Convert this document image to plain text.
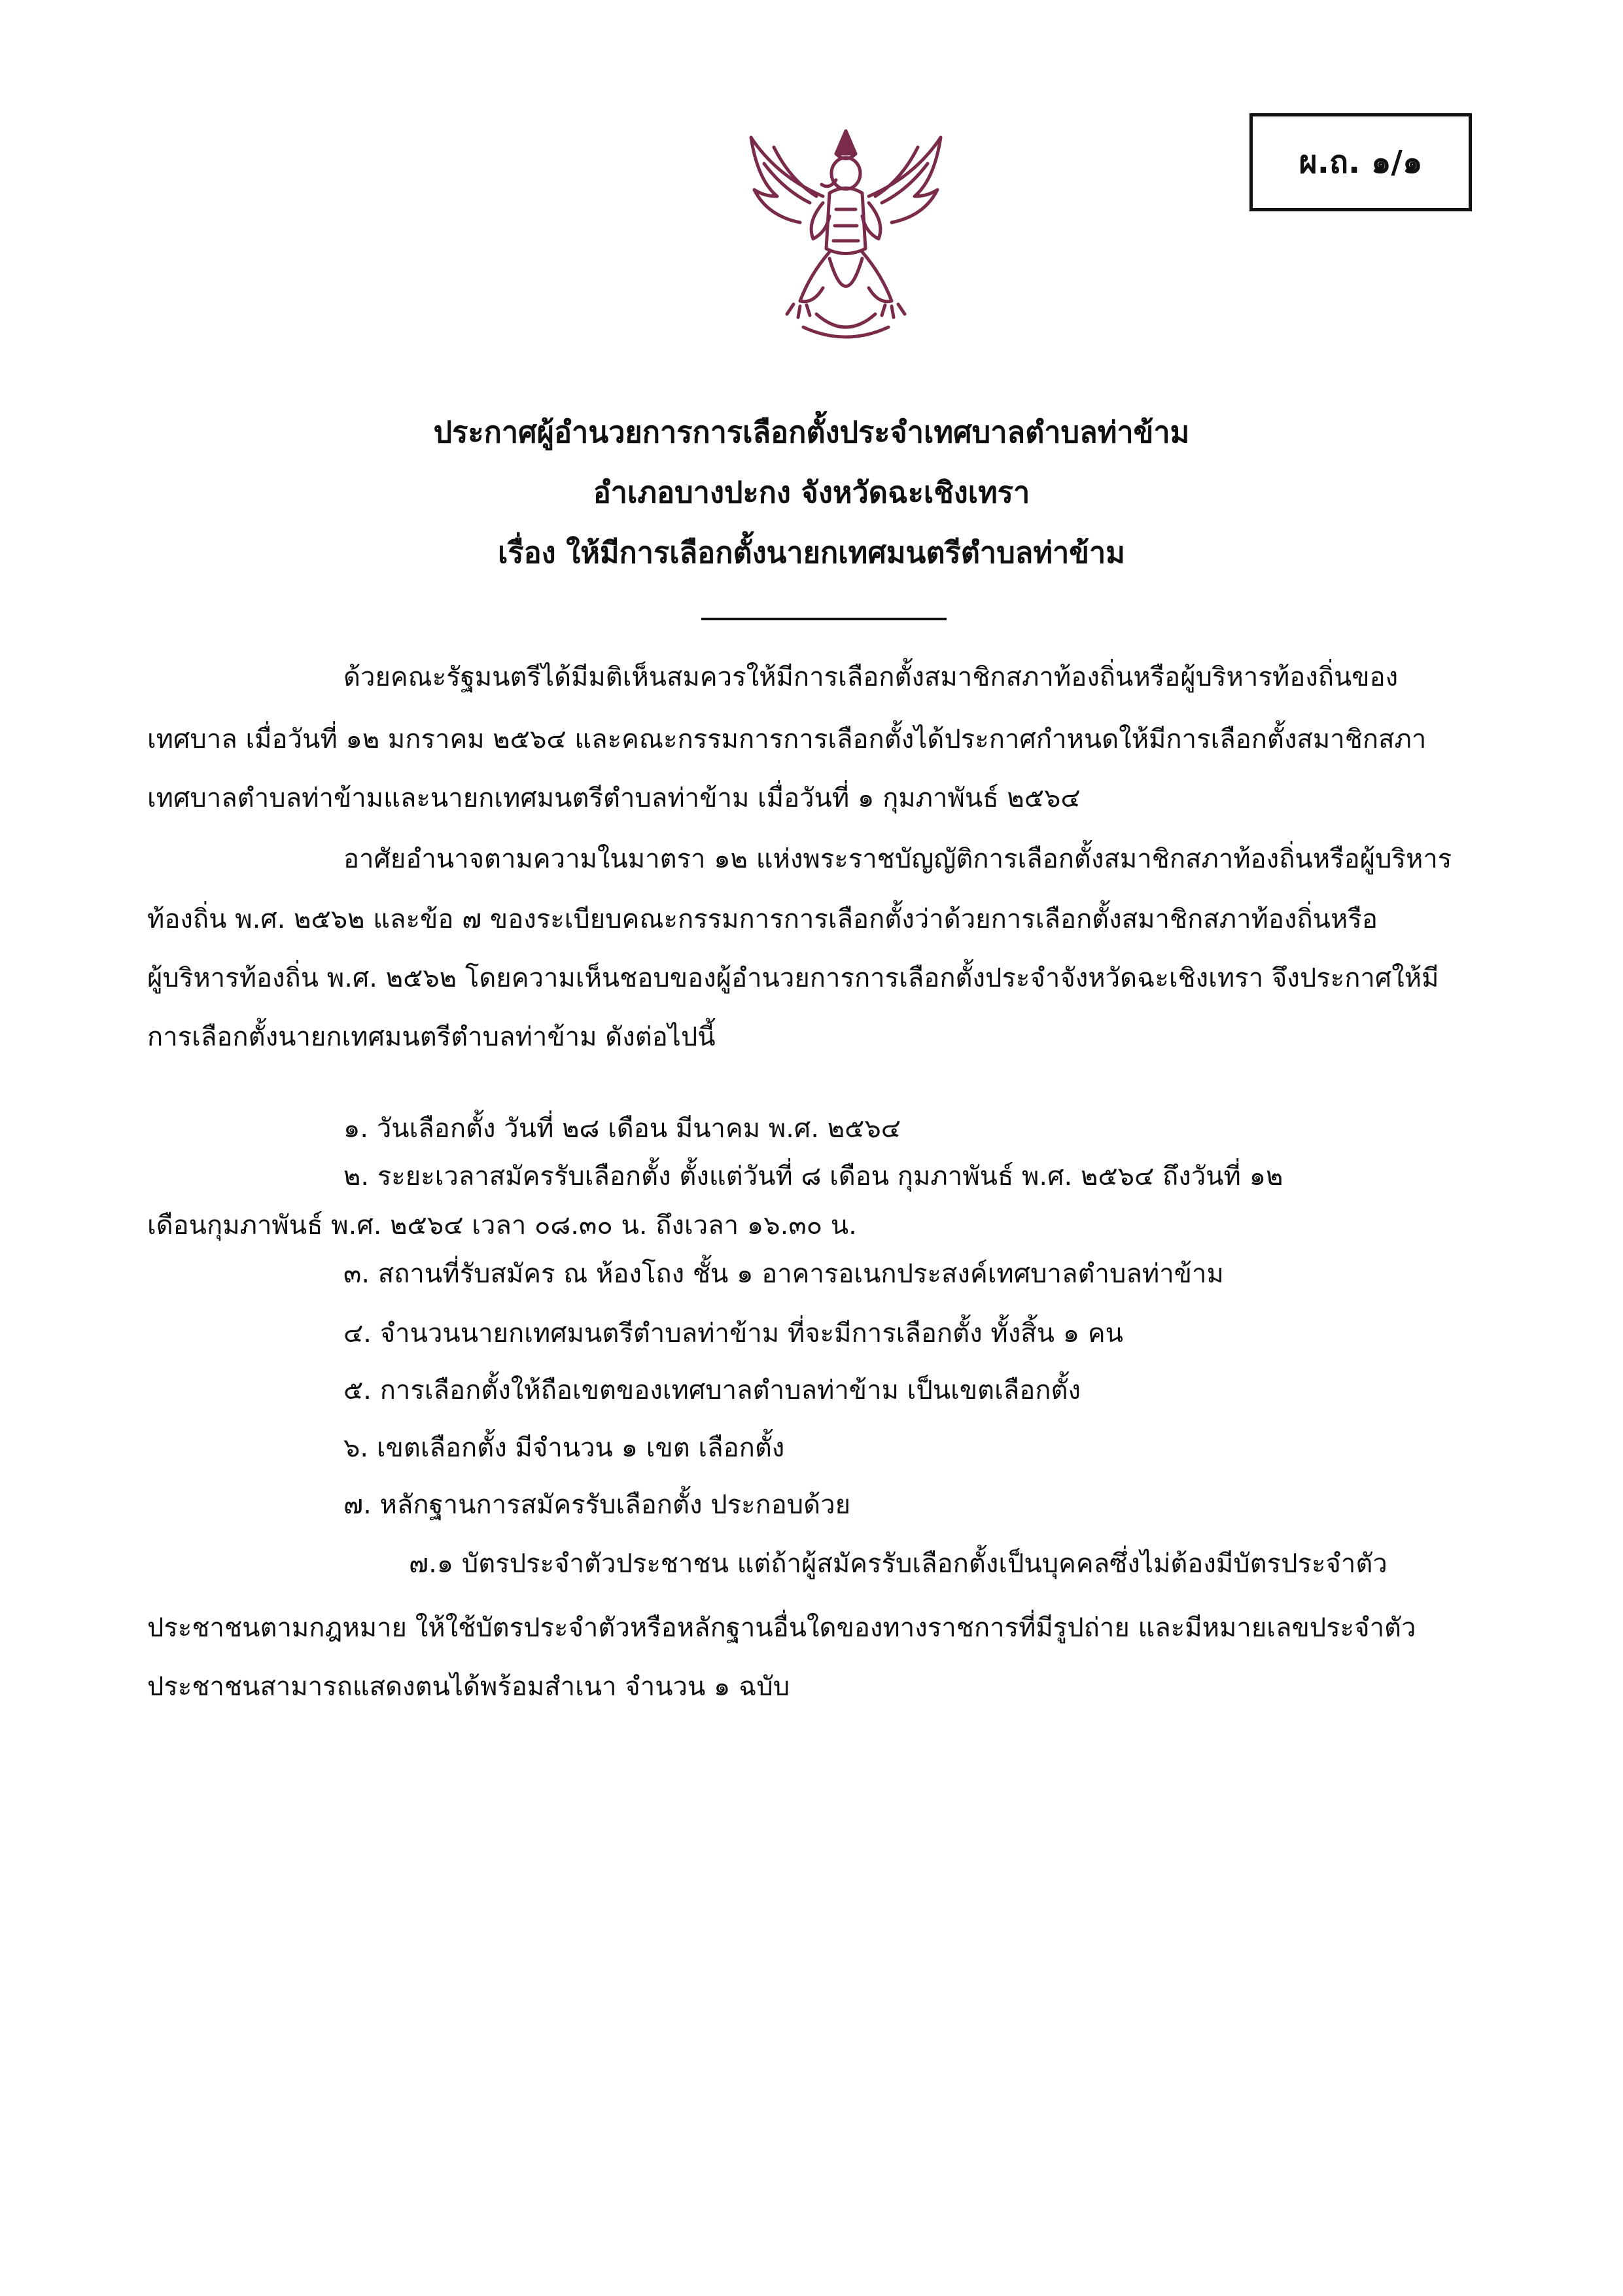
ผ.ถ. ๑/๑
ประกาศผู้อำนวยการการเลือกตั้งประจำเทศบาลตำบลท่าข้าม
อำเภอบางปะกง จังหวัดฉะเชิงเทรา
เรื่อง ให้มีการเลือกตั้งนายกเทศมนตรีตำบลท่าข้าม
ด้วยคณะรัฐมนตรีได้มีมติเห็นสมควรให้มีการเลือกตั้งสมาชิกสภาท้องถิ่นหรือผู้บริหารท้องถิ่นของ
เทศบาล เมื่อวันที่ ๑๒ มกราคม ๒๕๖๔ และคณะกรรมการการเลือกตั้งได้ประกาศกำหนดให้มีการเลือกตั้งสมาชิกสภา
เทศบาลตำบลท่าข้ามและนายกเทศมนตรีตำบลท่าข้าม เมื่อวันที่ ๑ กุมภาพันธ์ ๒๕๖๔
อาศัยอำนาจตามความในมาตรา ๑๒ แห่งพระราชบัญญัติการเลือกตั้งสมาชิกสภาท้องถิ่นหรือผู้บริหาร
ท้องถิ่น พ.ศ. ๒๕๖๒ และข้อ ๗ ของระเบียบคณะกรรมการการเลือกตั้งว่าด้วยการเลือกตั้งสมาชิกสภาท้องถิ่นหรือ
ผู้บริหารท้องถิ่น พ.ศ. ๒๕๖๒ โดยความเห็นชอบของผู้อำนวยการการเลือกตั้งประจำจังหวัดฉะเชิงเทรา จึงประกาศให้มี
การเลือกตั้งนายกเทศมนตรีตำบลท่าข้าม ดังต่อไปนี้
๑. วันเลือกตั้ง วันที่ ๒๘ เดือน มีนาคม พ.ศ. ๒๕๖๔
๒. ระยะเวลาสมัครรับเลือกตั้ง ตั้งแต่วันที่ ๘ เดือน กุมภาพันธ์ พ.ศ. ๒๕๖๔ ถึงวันที่ ๑๒
เดือนกุมภาพันธ์ พ.ศ. ๒๕๖๔ เวลา ๐๘.๓๐ น. ถึงเวลา ๑๖.๓๐ น.
๓. สถานที่รับสมัคร ณ ห้องโถง ชั้น ๑ อาคารอเนกประสงค์เทศบาลตำบลท่าข้าม
๔. จำนวนนายกเทศมนตรีตำบลท่าข้าม ที่จะมีการเลือกตั้ง ทั้งสิ้น ๑ คน
๕. การเลือกตั้งให้ถือเขตของเทศบาลตำบลท่าข้าม เป็นเขตเลือกตั้ง
๖. เขตเลือกตั้ง มีจำนวน ๑ เขต เลือกตั้ง
๗. หลักฐานการสมัครรับเลือกตั้ง ประกอบด้วย
๗.๑ บัตรประจำตัวประชาชน แต่ถ้าผู้สมัครรับเลือกตั้งเป็นบุคคลซึ่งไม่ต้องมีบัตรประจำตัว
ประชาชนตามกฎหมาย ให้ใช้บัตรประจำตัวหรือหลักฐานอื่นใดของทางราชการที่มีรูปถ่าย และมีหมายเลขประจำตัว
ประชาชนสามารถแสดงตนได้พร้อมสำเนา จำนวน ๑ ฉบับ
